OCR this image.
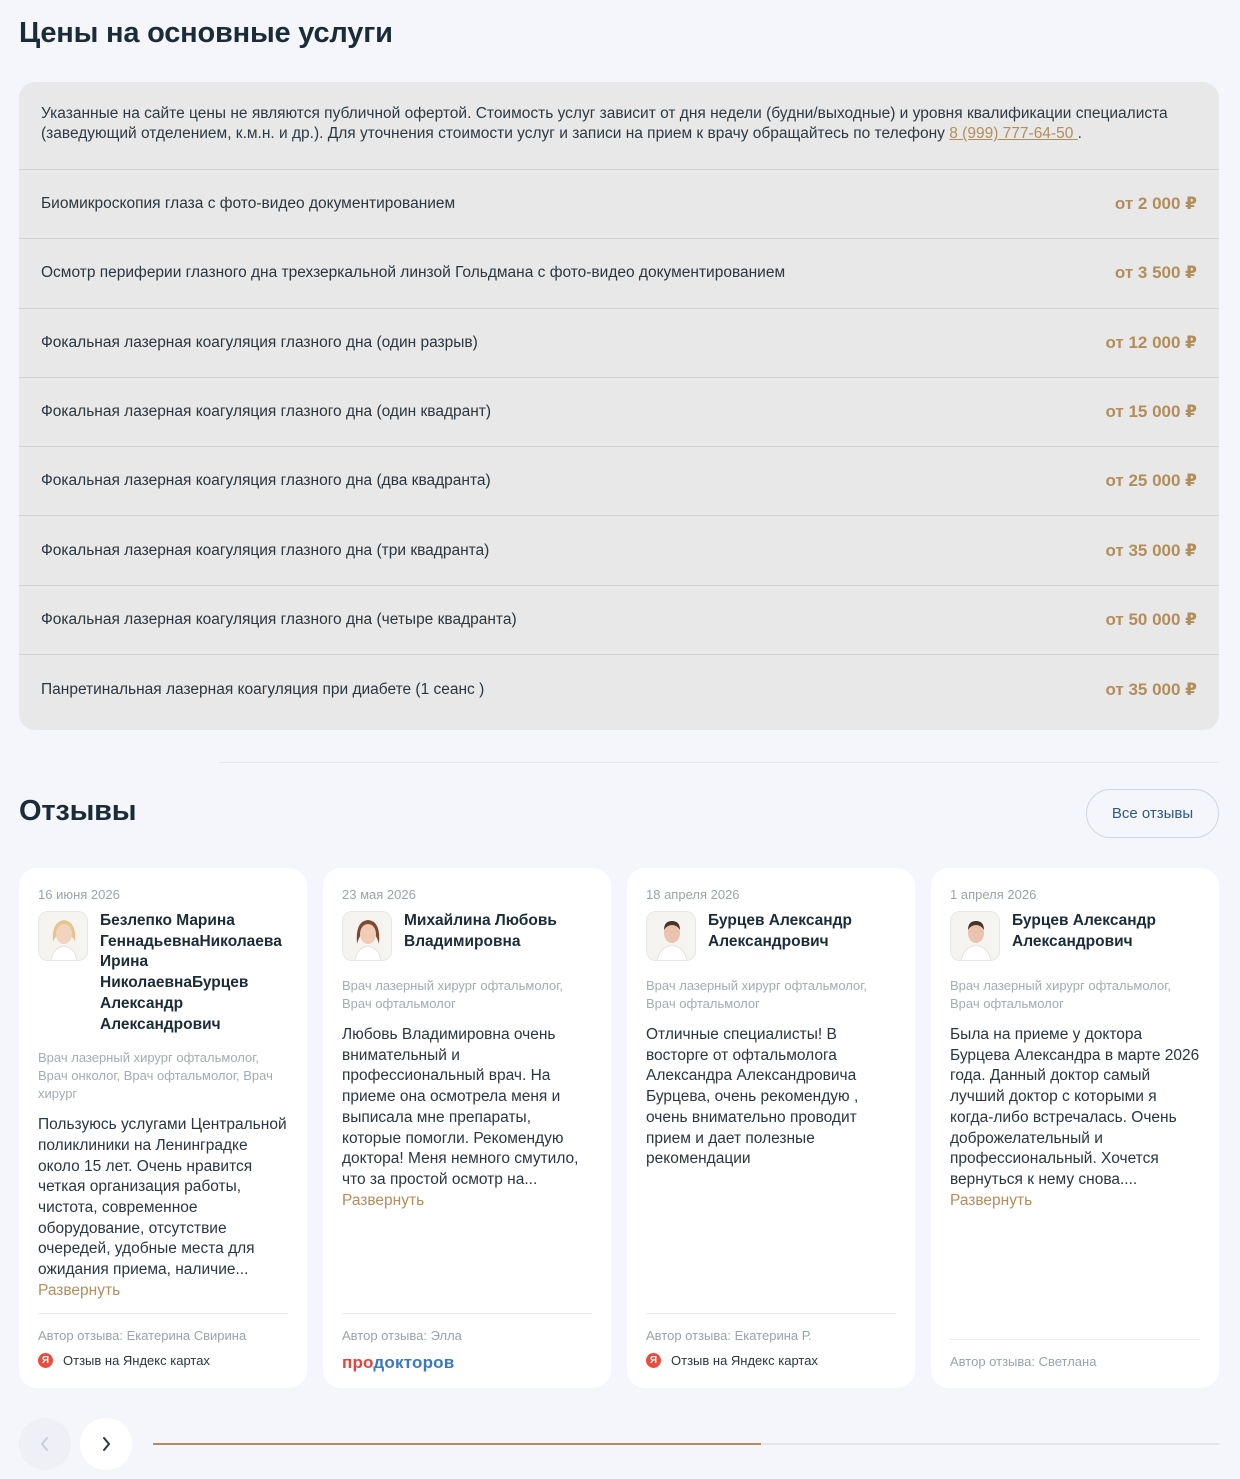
Цены на основные услуги
Указанные на сайте цены не являются публичной офертой. Стоимость услуг зависит от дня недели (будни/выходные) и уровня квалификации специалиста (заведующий отделением, к.м.н. и др.). Для уточнения стоимости услуг и записи на прием к врачу обращайтесь по телефону 8 (999) 777-64-50 .
Биомикроскопия глаза с фото-видео документированием	от 2 000 ₽
Осмотр периферии глазного дна трехзеркальной линзой Гольдмана с фото-видео документированием	от 3 500 ₽
Фокальная лазерная коагуляция глазного дна (один разрыв)	от 12 000 ₽
Фокальная лазерная коагуляция глазного дна (один квадрант)	от 15 000 ₽
Фокальная лазерная коагуляция глазного дна (два квадранта)	от 25 000 ₽
Фокальная лазерная коагуляция глазного дна (три квадранта)	от 35 000 ₽
Фокальная лазерная коагуляция глазного дна (четыре квадранта)	от 50 000 ₽
Панретинальная лазерная коагуляция при диабете (1 сеанс )	от 35 000 ₽
Отзывы	Все отзывы
16 июня 2026
Безлепко Марина ГеннадьевнаНиколаева Ирина НиколаевнаБурцев Александр Александрович
Врач лазерный хирург офтальмолог, Врач онколог, Врач офтальмолог, Врач хирург
Пользуюсь услугами Центральной поликлиники на Ленинградке около 15 лет. Очень нравится четкая организация работы, чистота, современное оборудование, отсутствие очередей, удобные места для ожидания приема, наличие...
Развернуть
Автор отзыва: Екатерина Свирина
Я	Отзыв на Яндекс картах
23 мая 2026
Михайлина Любовь Владимировна
Врач лазерный хирург офтальмолог, Врач офтальмолог
Любовь Владимировна очень внимательный и профессиональный врач. На приеме она осмотрела меня и выписала мне препараты, которые помогли. Рекомендую доктора! Меня немного смутило, что за простой осмотр на...
Развернуть
Автор отзыва: Элла
продокторов
18 апреля 2026
Бурцев Александр Александрович
Врач лазерный хирург офтальмолог, Врач офтальмолог
Отличные специалисты! В восторге от офтальмолога Александра Александровича Бурцева, очень рекомендую , очень внимательно проводит прием и дает полезные рекомендации
Автор отзыва: Екатерина Р.
Я	Отзыв на Яндекс картах
1 апреля 2026
Бурцев Александр Александрович
Врач лазерный хирург офтальмолог, Врач офтальмолог
Была на приеме у доктора Бурцева Александра в марте 2026 года. Данный доктор самый лучший доктор с которыми я когда-либо встречалась. Очень доброжелательный и профессиональный. Хочется вернуться к нему снова....
Развернуть
Автор отзыва: Светлана
